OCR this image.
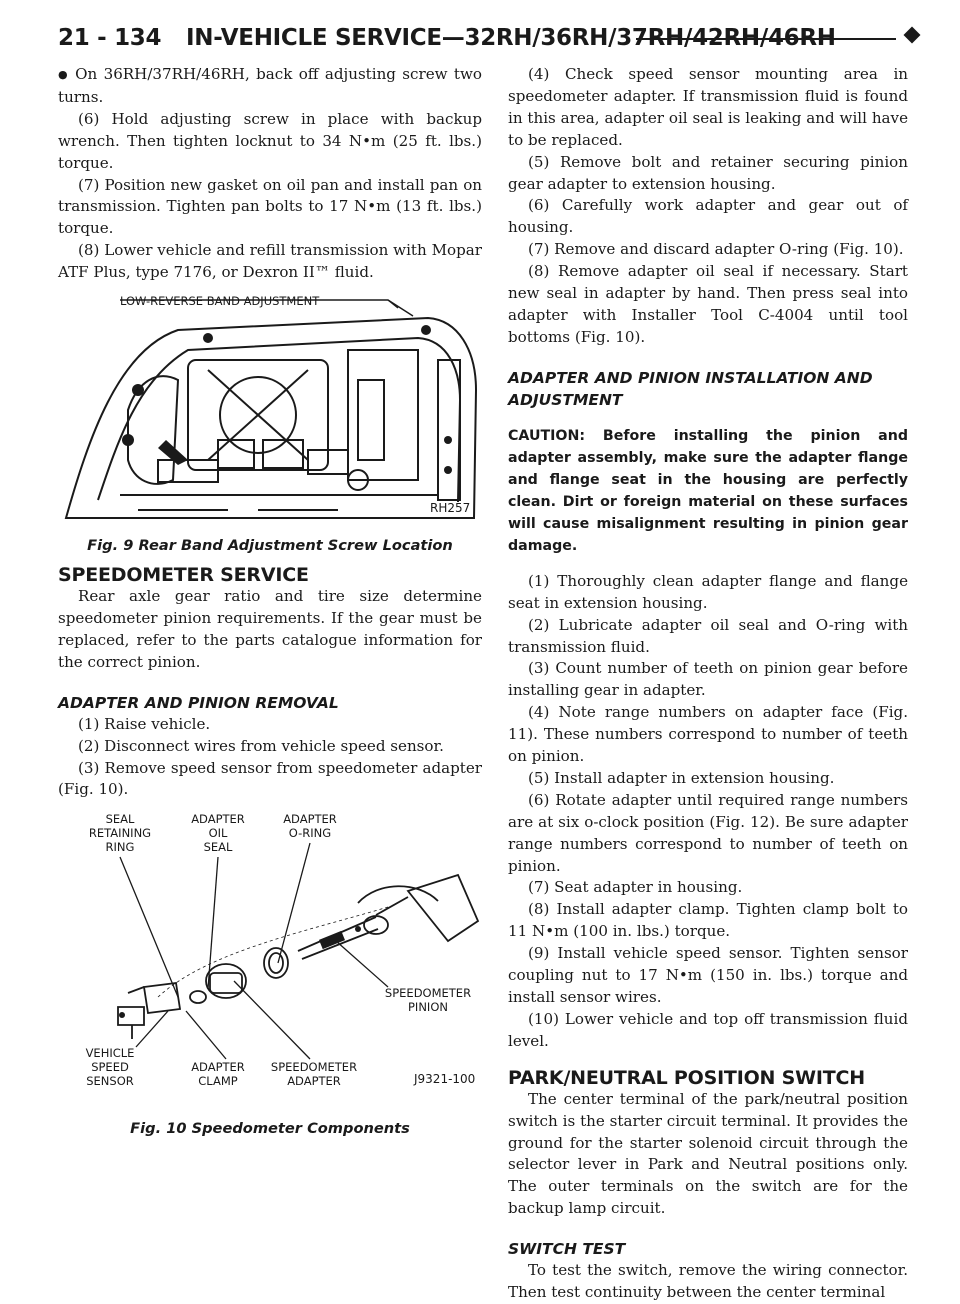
21 - 134 IN-VEHICLE SERVICE—32RH/36RH/37RH/42RH/46RH

● On 36RH/37RH/46RH, back off adjusting screw two turns.

(6) Hold adjusting screw in place with backup wrench. Then tighten locknut to 34 N•m (25 ft. lbs.) torque.

(7) Position new gasket on oil pan and install pan on transmission. Tighten pan bolts to 17 N•m (13 ft. lbs.) torque.

(8) Lower vehicle and refill transmission with Mopar ATF Plus, type 7176, or Dexron II™ fluid.

LOW-REVERSE BAND ADJUSTMENT
RH257
Fig. 9 Rear Band Adjustment Screw Location
SPEEDOMETER SERVICE

Rear axle gear ratio and tire size determine speedometer pinion requirements. If the gear must be replaced, refer to the parts catalogue information for the correct pinion.

ADAPTER AND PINION REMOVAL

(1) Raise vehicle.

(2) Disconnect wires from vehicle speed sensor.

(3) Remove speed sensor from speedometer adapter (Fig. 10).

SEAL
RETAINING
RING
ADAPTER
OIL
SEAL
ADAPTER
O-RING
SPEEDOMETER
PINION
VEHICLE
SPEED
SENSOR
ADAPTER
CLAMP
SPEEDOMETER
ADAPTER	J9321-100
Fig. 10 Speedometer Components

(4) Check speed sensor mounting area in speedometer adapter. If transmission fluid is found in this area, adapter oil seal is leaking and will have to be replaced.

(5) Remove bolt and retainer securing pinion gear adapter to extension housing.

(6) Carefully work adapter and gear out of housing.

(7) Remove and discard adapter O-ring (Fig. 10).

(8) Remove adapter oil seal if necessary. Start new seal in adapter by hand. Then press seal into adapter with Installer Tool C-4004 until tool bottoms (Fig. 10).

ADAPTER AND PINION INSTALLATION AND ADJUSTMENT
CAUTION: Before installing the pinion and adapter assembly, make sure the adapter flange and flange seat in the housing are perfectly clean. Dirt or foreign material on these surfaces will cause misalignment resulting in pinion gear damage.

(1) Thoroughly clean adapter flange and flange seat in extension housing.

(2) Lubricate adapter oil seal and O-ring with transmission fluid.

(3) Count number of teeth on pinion gear before installing gear in adapter.

(4) Note range numbers on adapter face (Fig. 11). These numbers correspond to number of teeth on pinion.

(5) Install adapter in extension housing.

(6) Rotate adapter until required range numbers are at six o-clock position (Fig. 12). Be sure adapter range numbers correspond to number of teeth on pinion.

(7) Seat adapter in housing.

(8) Install adapter clamp. Tighten clamp bolt to 11 N•m (100 in. lbs.) torque.

(9) Install vehicle speed sensor. Tighten sensor coupling nut to 17 N•m (150 in. lbs.) torque and install sensor wires.

(10) Lower vehicle and top off transmission fluid level.

PARK/NEUTRAL POSITION SWITCH

The center terminal of the park/neutral position switch is the starter circuit terminal. It provides the ground for the starter solenoid circuit through the selector lever in Park and Neutral positions only. The outer terminals on the switch are for the backup lamp circuit.

SWITCH TEST

To test the switch, remove the wiring connector. Then test continuity between the center terminal
